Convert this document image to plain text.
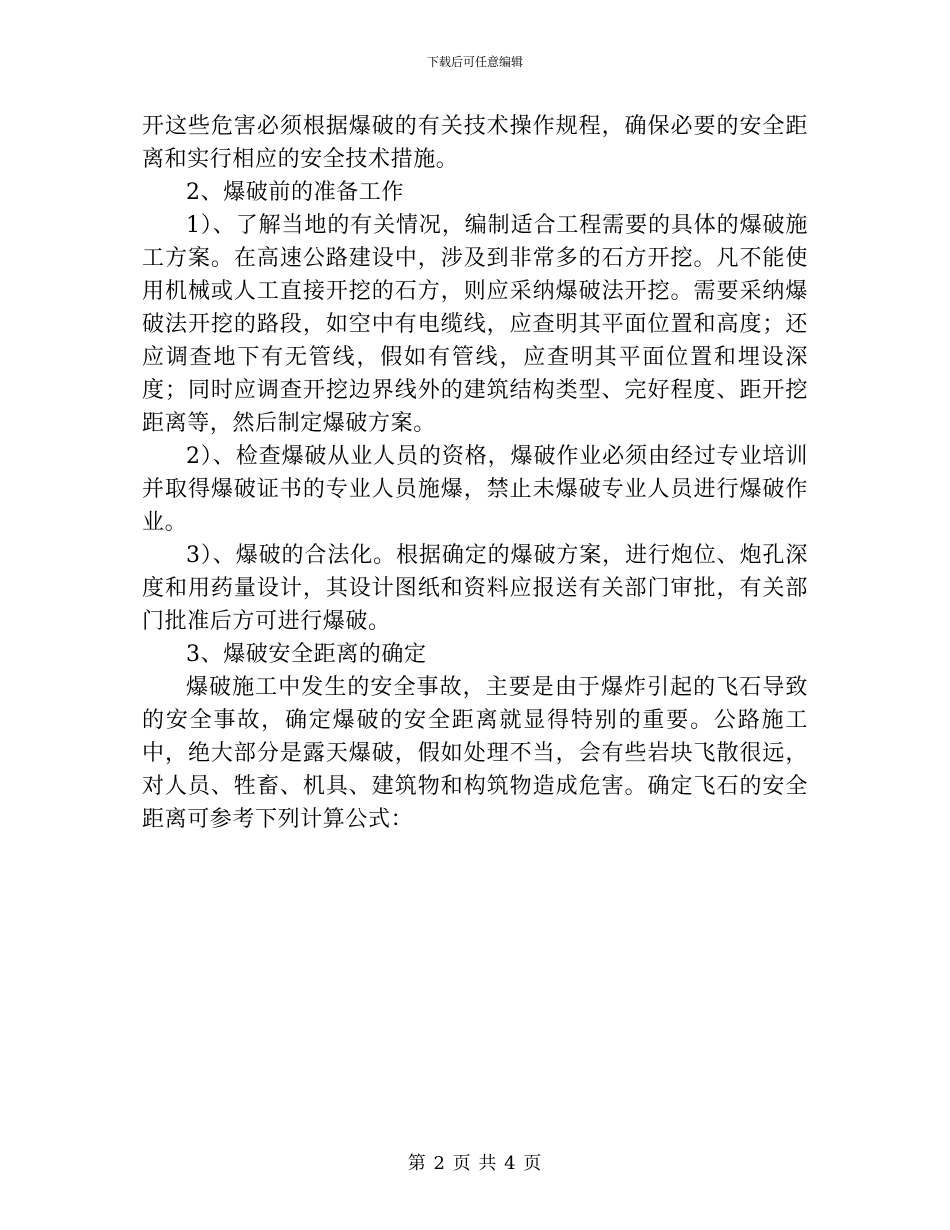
下载后可任意编辑

开这些危害必须根据爆破的有关技术操作规程，确保必要的安全距离和实行相应的安全技术措施。

2、爆破前的准备工作

1）、了解当地的有关情况，编制适合工程需要的具体的爆破施工方案。在高速公路建设中，涉及到非常多的石方开挖。凡不能使用机械或人工直接开挖的石方，则应采纳爆破法开挖。需要采纳爆破法开挖的路段，如空中有电缆线，应查明其平面位置和高度；还应调查地下有无管线，假如有管线，应查明其平面位置和埋设深度；同时应调查开挖边界线外的建筑结构类型、完好程度、距开挖距离等，然后制定爆破方案。

2）、检查爆破从业人员的资格，爆破作业必须由经过专业培训并取得爆破证书的专业人员施爆，禁止未爆破专业人员进行爆破作业。

3）、爆破的合法化。根据确定的爆破方案，进行炮位、炮孔深度和用药量设计，其设计图纸和资料应报送有关部门审批，有关部门批准后方可进行爆破。

3、爆破安全距离的确定

爆破施工中发生的安全事故，主要是由于爆炸引起的飞石导致的安全事故，确定爆破的安全距离就显得特别的重要。公路施工中，绝大部分是露天爆破，假如处理不当，会有些岩块飞散很远，对人员、牲畜、机具、建筑物和构筑物造成危害。确定飞石的安全距离可参考下列计算公式：

第 2 页 共 4 页
